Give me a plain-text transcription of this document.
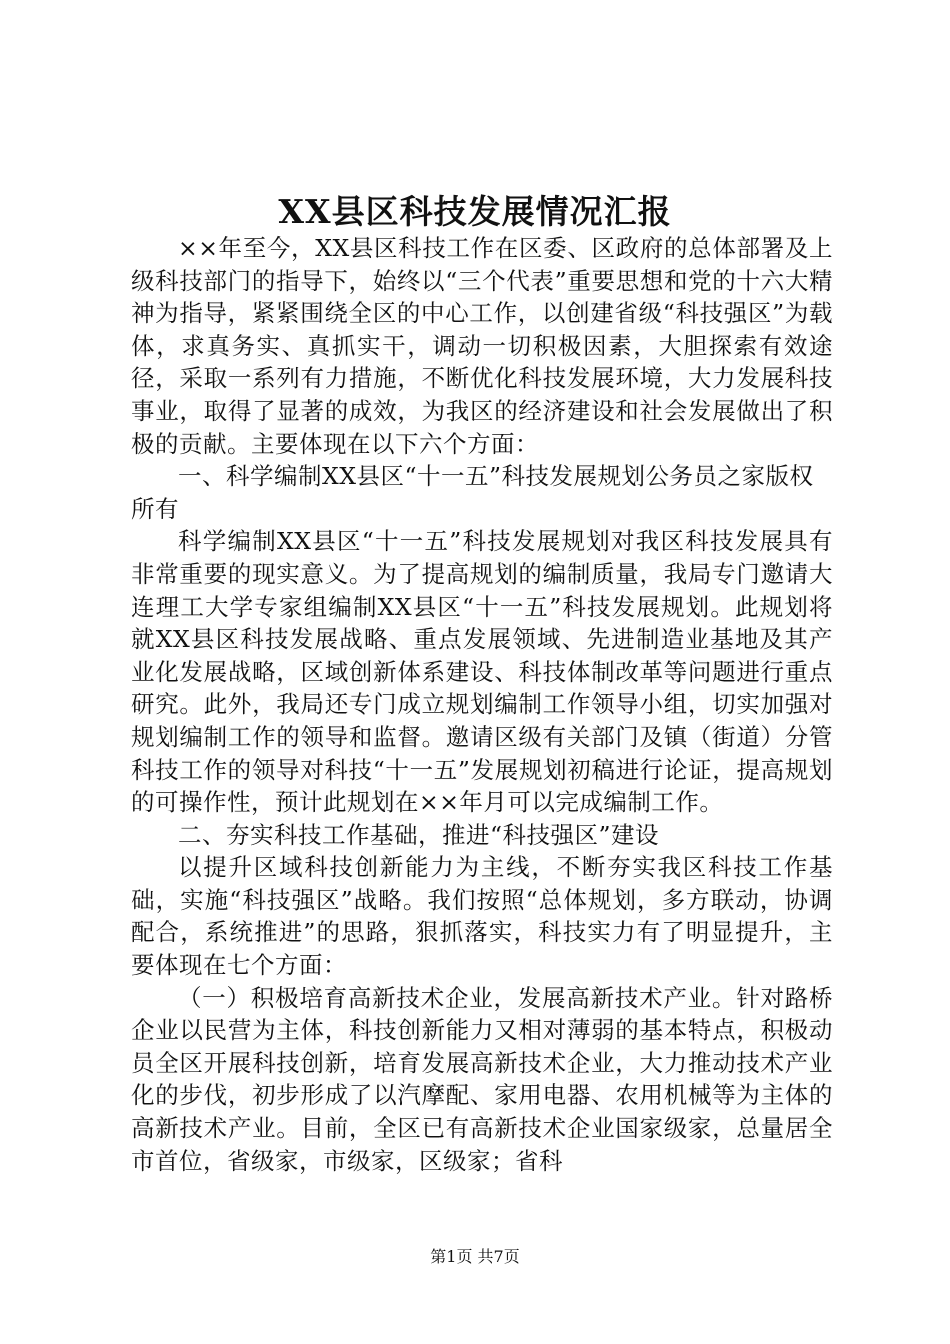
XX县区科技发展情况汇报

××年至今，XX县区科技工作在区委、区政府的总体部署及上级科技部门的指导下，始终以“三个代表”重要思想和党的十六大精神为指导，紧紧围绕全区的中心工作，以创建省级“科技强区”为载体，求真务实、真抓实干，调动一切积极因素，大胆探索有效途径，采取一系列有力措施，不断优化科技发展环境，大力发展科技事业，取得了显著的成效，为我区的经济建设和社会发展做出了积极的贡献。主要体现在以下六个方面：

一、科学编制XX县区“十一五”科技发展规划公务员之家版权所有

科学编制XX县区“十一五”科技发展规划对我区科技发展具有非常重要的现实意义。为了提高规划的编制质量，我局专门邀请大连理工大学专家组编制XX县区“十一五”科技发展规划。此规划将就XX县区科技发展战略、重点发展领域、先进制造业基地及其产业化发展战略，区域创新体系建设、科技体制改革等问题进行重点研究。此外，我局还专门成立规划编制工作领导小组，切实加强对规划编制工作的领导和监督。邀请区级有关部门及镇（街道）分管科技工作的领导对科技“十一五”发展规划初稿进行论证，提高规划的可操作性，预计此规划在××年月可以完成编制工作。

二、夯实科技工作基础，推进“科技强区”建设

以提升区域科技创新能力为主线，不断夯实我区科技工作基础，实施“科技强区”战略。我们按照“总体规划，多方联动，协调配合，系统推进”的思路，狠抓落实，科技实力有了明显提升，主要体现在七个方面：

（一）积极培育高新技术企业，发展高新技术产业。针对路桥企业以民营为主体，科技创新能力又相对薄弱的基本特点，积极动员全区开展科技创新，培育发展高新技术企业，大力推动技术产业化的步伐，初步形成了以汽摩配、家用电器、农用机械等为主体的高新技术产业。目前，全区已有高新技术企业国家级家，总量居全市首位，省级家，市级家，区级家；省科

第1页 共7页
